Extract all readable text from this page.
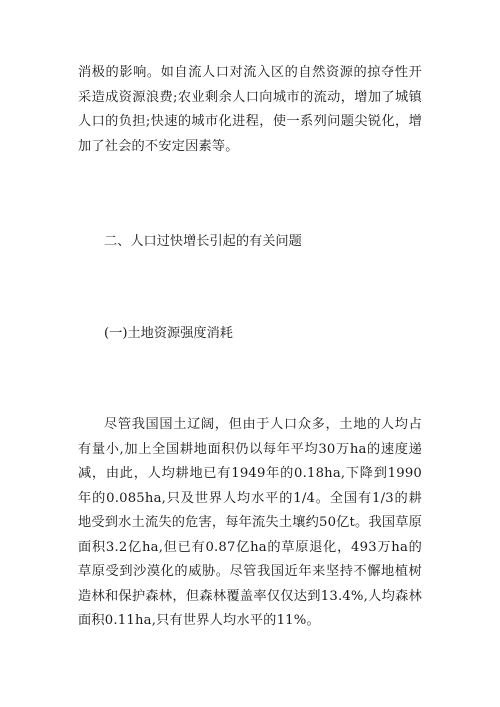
消极的影响。如自流人口对流入区的自然资源的掠夺性开采造成资源浪费;农业剩余人口向城市的流动，增加了城镇人口的负担;快速的城市化进程，使一系列问题尖锐化，增加了社会的不安定因素等。

二、人口过快增长引起的有关问题
(一)土地资源强度消耗

尽管我国国土辽阔，但由于人口众多，土地的人均占有量小,加上全国耕地面积仍以每年平均30万ha的速度递减，由此，人均耕地已有1949年的0.18ha,下降到1990年的0.085ha,只及世界人均水平的1/4。全国有1/3的耕地受到水土流失的危害，每年流失土壤约50亿t。我国草原面积3.2亿ha,但已有0.87亿ha的草原退化，493万ha的草原受到沙漠化的威胁。尽管我国近年来坚持不懈地植树造林和保护森林，但森林覆盖率仅仅达到13.4%,人均森林面积0.11ha,只有世界人均水平的11%。
